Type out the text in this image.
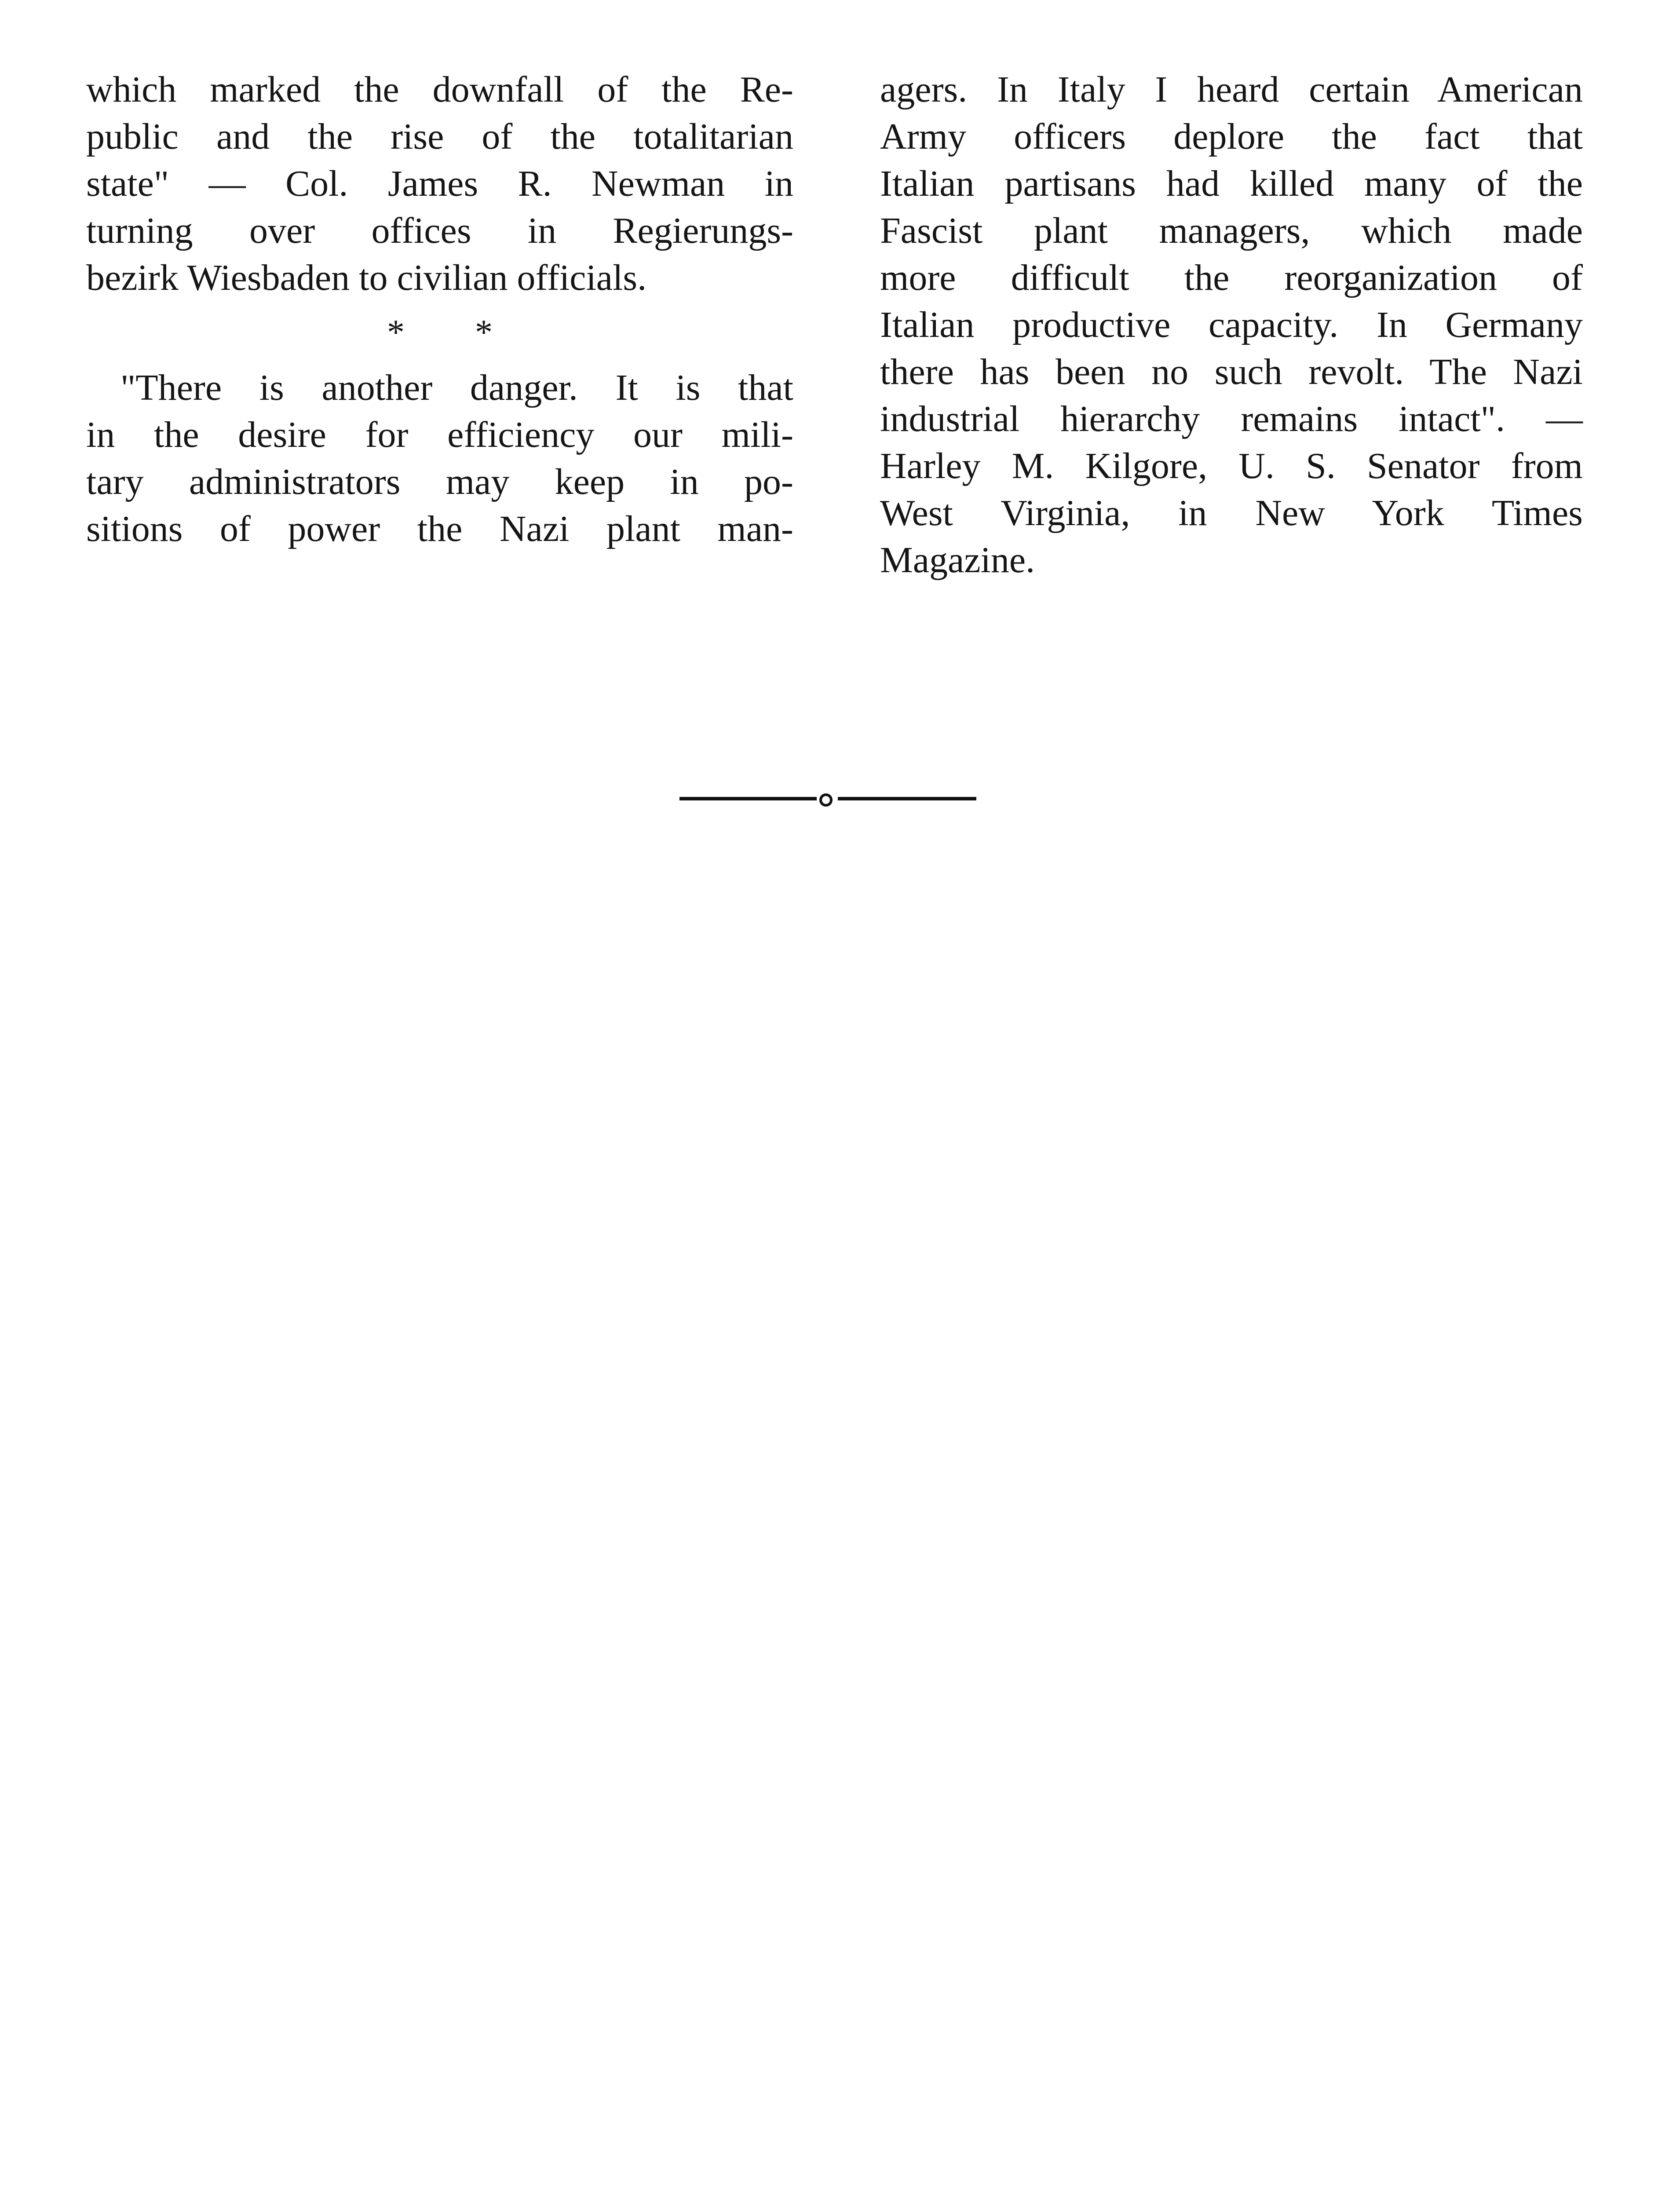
which marked the downfall of the Re-
public and the rise of the totalitarian
state" — Col. James R. Newman in
turning over offices in Regierungs-
bezirk Wiesbaden to civilian officials.
* *
"There is another danger. It is that
in the desire for efficiency our mili-
tary administrators may keep in po-
sitions of power the Nazi plant man-
agers. In Italy I heard certain American
Army officers deplore the fact that
Italian partisans had killed many of the
Fascist plant managers, which made
more difficult the reorganization of
Italian productive capacity. In Germany
there has been no such revolt. The Nazi
industrial hierarchy remains intact". —
Harley M. Kilgore, U. S. Senator from
West Virginia, in New York Times
Magazine.
